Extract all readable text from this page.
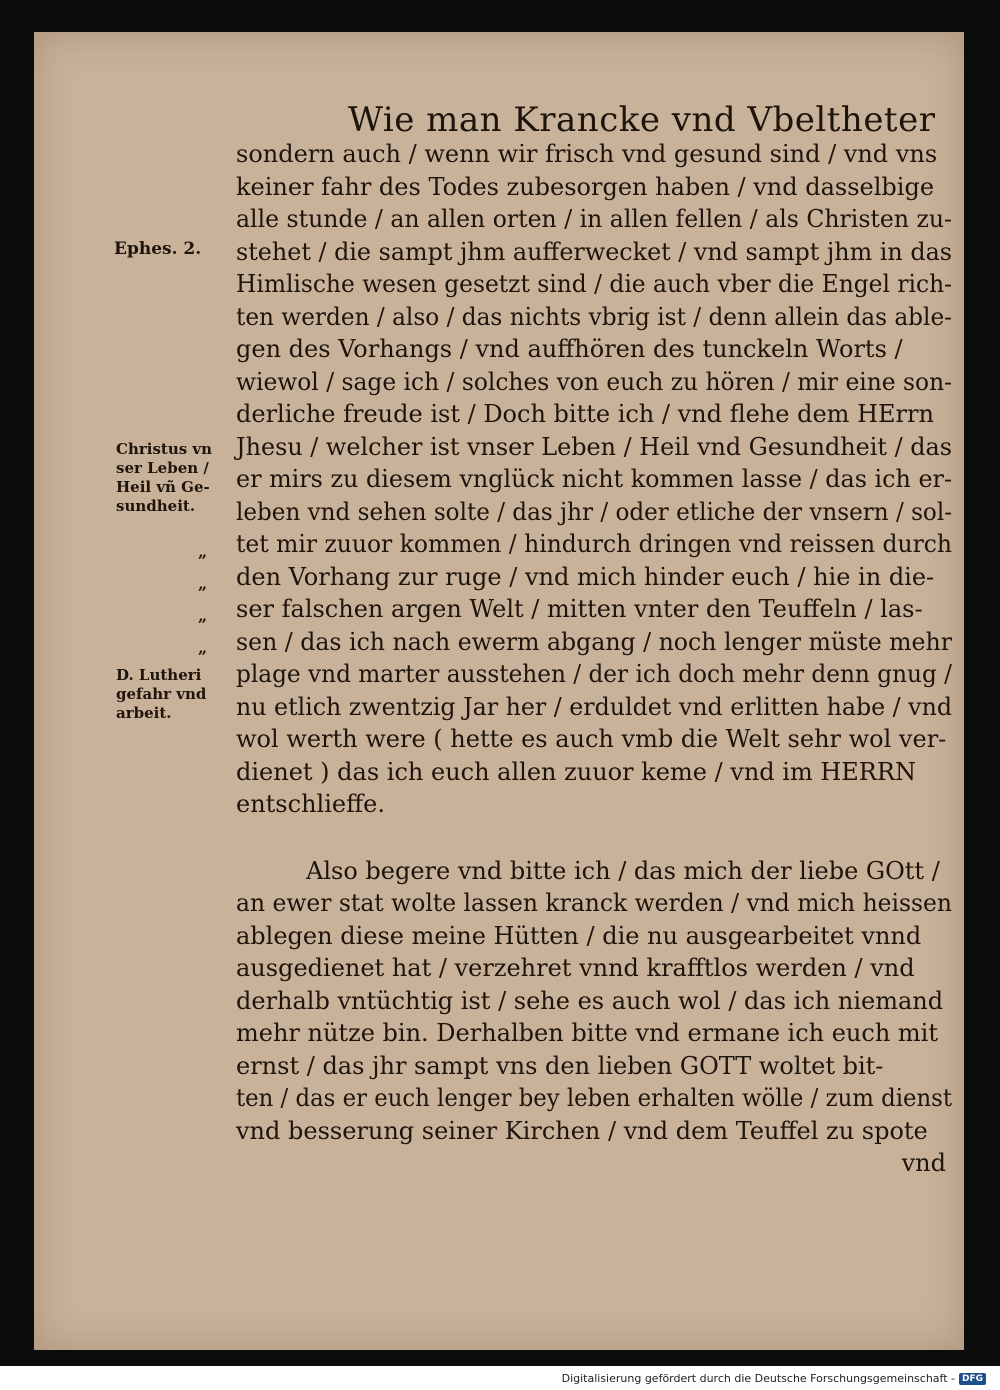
Wie man Krancke vnd Vbeltheter
sondern auch / wenn wir frisch vnd gesund sind / vnd vns
keiner fahr des Todes zubesorgen haben / vnd dasselbige
alle stunde / an allen orten / in allen fellen / als Christen zu-
stehet / die sampt jhm aufferwecket / vnd sampt jhm in das
Himlische wesen gesetzt sind / die auch vber die Engel rich-
ten werden / also / das nichts vbrig ist / denn allein das able-
gen des Vorhangs / vnd auffhören des tunckeln Worts /
wiewol / sage ich / solches von euch zu hören / mir eine son-
derliche freude ist / Doch bitte ich / vnd flehe dem HErrn
Jhesu / welcher ist vnser Leben / Heil vnd Gesundheit / das
er mirs zu diesem vnglück nicht kommen lasse / das ich er-
leben vnd sehen solte / das jhr / oder etliche der vnsern / sol-
tet mir zuuor kommen / hindurch dringen vnd reissen durch
den Vorhang zur ruge / vnd mich hinder euch / hie in die-
ser falschen argen Welt / mitten vnter den Teuffeln / las-
sen / das ich nach ewerm abgang / noch lenger müste mehr
plage vnd marter ausstehen / der ich doch mehr denn gnug /
nu etlich zwentzig Jar her / erduldet vnd erlitten habe / vnd
wol werth were ( hette es auch vmb die Welt sehr wol ver-
dienet ) das ich euch allen zuuor keme / vnd im HERRN
entschlieffe.
Also begere vnd bitte ich / das mich der liebe GOtt /
an ewer stat wolte lassen kranck werden / vnd mich heissen
ablegen diese meine Hütten / die nu ausgearbeitet vnnd
ausgedienet hat / verzehret vnnd krafftlos werden / vnd
derhalb vntüchtig ist / sehe es auch wol / das ich niemand
mehr nütze bin. Derhalben bitte vnd ermane ich euch mit
ernst / das jhr sampt vns den lieben GOTT woltet bit-
ten / das er euch lenger bey leben erhalten wölle / zum dienst
vnd besserung seiner Kirchen / vnd dem Teuffel zu spote
vnd
Ephes. 2.
Christus vn
ser Leben /
Heil vñ Ge-
sundheit.
„
„
„
„
D. Lutheri
gefahr vnd
arbeit.
Digitalisierung gefördert durch die Deutsche Forschungsgemeinschaft - DFG
